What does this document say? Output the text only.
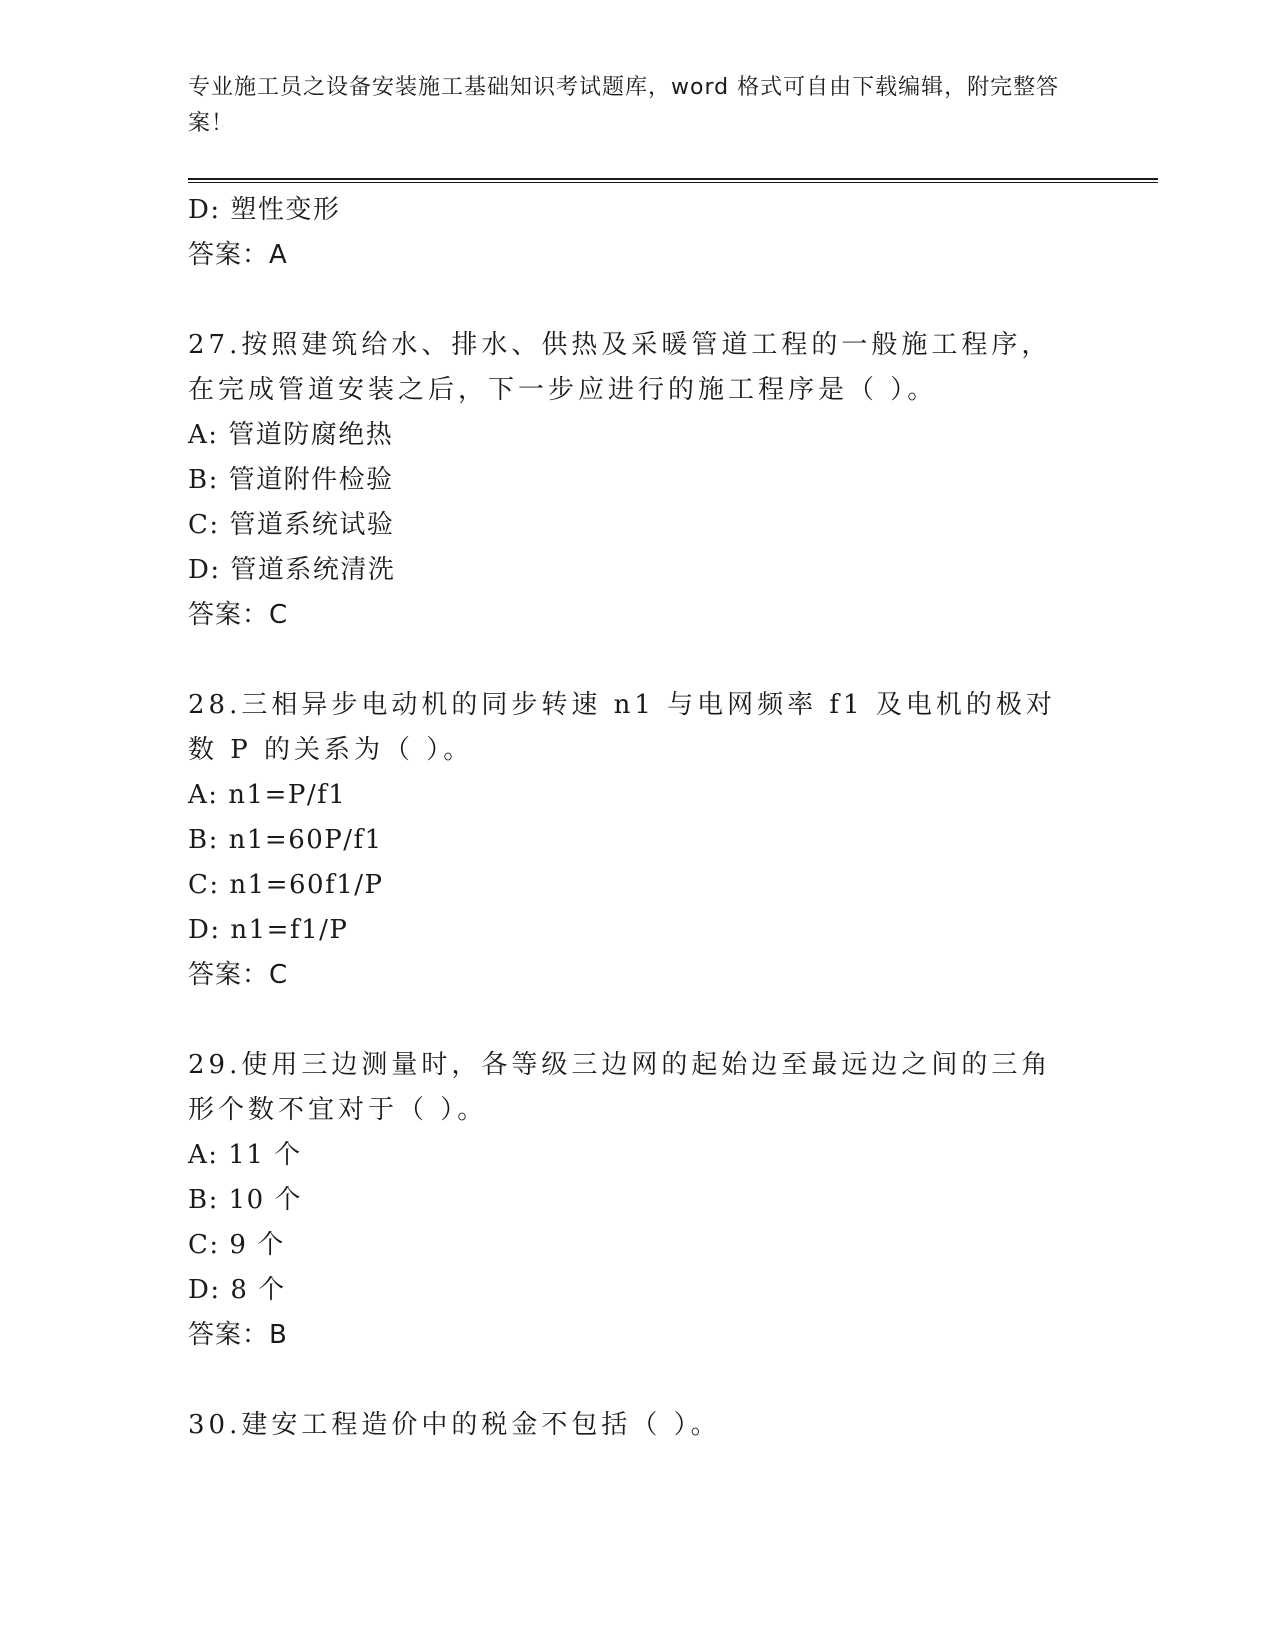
专业施工员之设备安装施工基础知识考试题库，word 格式可自由下载编辑，附完整答案！
D: 塑性变形
答案：A
27.按照建筑给水、排水、供热及采暖管道工程的一般施工程序，在完成管道安装之后，下一步应进行的施工程序是（ ）。
A: 管道防腐绝热
B: 管道附件检验
C: 管道系统试验
D: 管道系统清洗
答案：C
28.三相异步电动机的同步转速 n1 与电网频率 f1 及电机的极对数 P 的关系为（ ）。
A: n1=P/f1
B: n1=60P/f1
C: n1=60f1/P
D: n1=f1/P
答案：C
29.使用三边测量时，各等级三边网的起始边至最远边之间的三角形个数不宜对于（ ）。
A: 11 个
B: 10 个
C: 9 个
D: 8 个
答案：B
30.建安工程造价中的税金不包括（ ）。
